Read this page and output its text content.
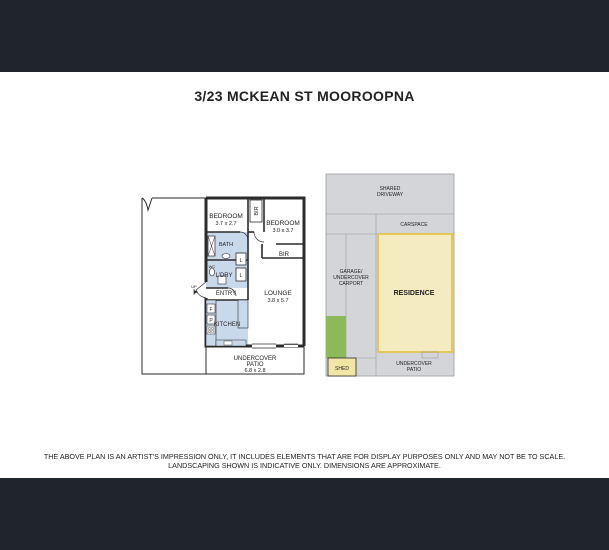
3/23 MCKEAN ST MOOROOPNA
BEDROOM
3.7 x 2.7	BEDROOM
3.0 x 3.7
BIR
BIR
BATH
L
L
L'DRY
WC
ENTRY
UP
LOUNGE
3.8 x 5.7
F
P
KITCHEN
UNDERCOVER
PATIO
6.8 x 2.8
SHARED
DRIVEWAY
CARSPACE
GARAGE/
UNDERCOVER
CARPORT
RESIDENCE
SHED
UNDERCOVER
PATIO
THE ABOVE PLAN IS AN ARTIST'S IMPRESSION ONLY, IT INCLUDES ELEMENTS THAT ARE FOR DISPLAY PURPOSES ONLY AND MAY NOT BE TO SCALE.
LANDSCAPING SHOWN IS INDICATIVE ONLY. DIMENSIONS ARE APPROXIMATE.
